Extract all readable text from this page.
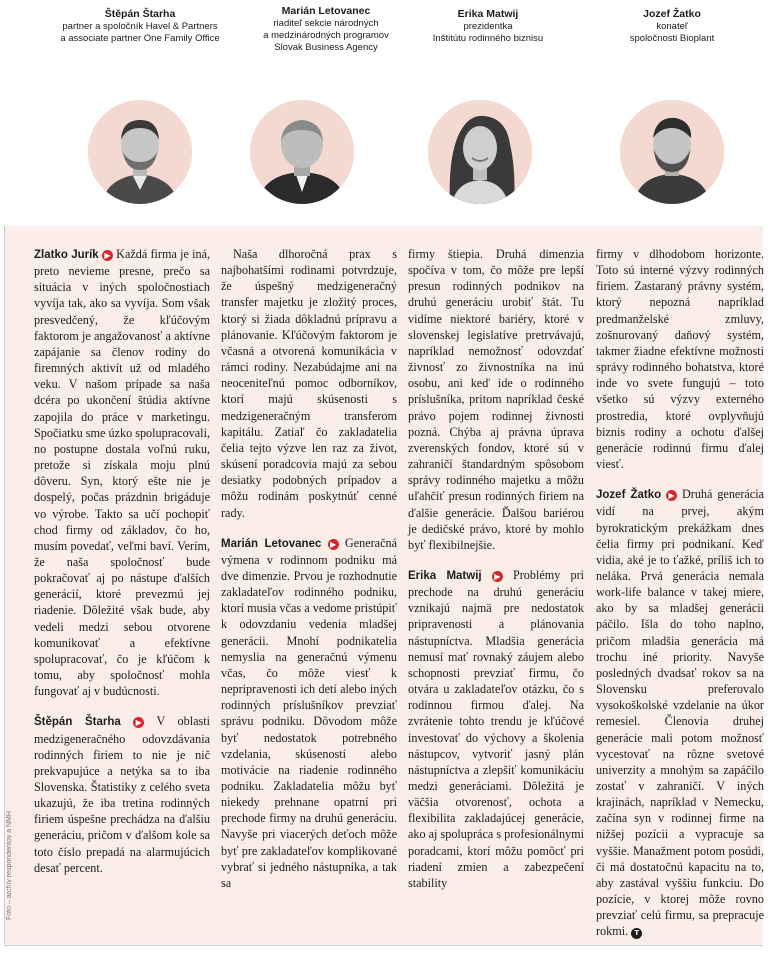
Štěpán Štarha
partner a spoločník Havel & Partners
a associate partner One Family Office
Marián Letovanec
riaditeľ sekcie národných
a medzinárodných programov
Slovak Business Agency
Erika Matwij
prezidentka
Inštitútu rodinného biznisu
Jozef Žatko
konateľ
spoločnosti Bioplant
Foto – archív respondentov a NMH

Zlatko Jurík ▶ Každá firma je iná, preto nevieme presne, prečo sa situácia v iných spoločnostiach vyvíja tak, ako sa vyvíja. Som však presvedčený, že kľúčovým faktorom je angažovanosť a aktívne zapájanie sa členov rodiny do firemných aktivít už od mladého veku. V našom prípade sa naša dcéra po ukončení štúdia aktívne zapojila do práce v marketingu. Spočiatku sme úzko spolupracovali, no postupne dostala voľnú ruku, pretože si získala moju plnú dôveru. Syn, ktorý ešte nie je dospelý, počas prázdnin brigáduje vo výrobe. Takto sa učí pochopiť chod firmy od základov, čo ho, musím povedať, veľmi baví. Verím, že naša spoločnosť bude pokračovať aj po nástupe ďalších generácií, ktoré prevezmú jej riadenie. Dôležité však bude, aby vedeli medzi sebou otvorene komunikovať a efektívne spolupracovať, čo je kľúčom k tomu, aby spoločnosť mohla fungovať aj v budúcnosti.

Štěpán Štarha ▶ V oblasti medzigeneračného odovzdávania rodinných firiem to nie je nič prekvapujúce a netýka sa to iba Slovenska. Štatistiky z celého sveta ukazujú, že iba tretina rodinných firiem úspešne prechádza na ďalšiu generáciu, pričom v ďalšom kole sa toto číslo prepadá na alarmujúcich desať percent.

Naša dlhoročná prax s najbohatšími rodinami potvrdzuje, že úspešný medzigeneračný transfer majetku je zložitý proces, ktorý si žiada dôkladnú prípravu a plánovanie. Kľúčovým faktorom je včasná a otvorená komunikácia v rámci rodiny. Nezabúdajme ani na neoceniteľnú pomoc odborníkov, ktorí majú skúsenosti s medzigeneračným transferom kapitálu. Zatiaľ čo zakladatelia čelia tejto výzve len raz za život, skúsení poradcovia majú za sebou desiatky podobných prípadov a môžu rodinám poskytnúť cenné rady.

Marián Letovanec ▶ Generačná výmena v rodinnom podniku má dve dimenzie. Prvou je rozhodnutie zakladateľov rodinného podniku, ktorí musia včas a vedome pristúpiť k odovzdaniu vedenia mladšej generácii. Mnohí podnikatelia nemyslia na generačnú výmenu včas, čo môže viesť k nepripravenosti ich detí alebo iných rodinných príslušníkov prevziať správu podniku. Dôvodom môže byť nedostatok potrebného vzdelania, skúseností alebo motivácie na riadenie rodinného podniku. Zakladatelia môžu byť niekedy prehnane opatrní pri prechode firmy na druhú generáciu. Navyše pri viacerých deťoch môže byť pre zakladateľov komplikované vybrať si jedného nástupníka, a tak sa

firmy štiepia. Druhá dimenzia spočíva v tom, čo môže pre lepší presun rodinných podnikov na druhú generáciu urobiť štát. Tu vidíme niektoré bariéry, ktoré v slovenskej legislatíve pretrvávajú, napríklad nemožnosť odovzdať živnosť zo živnostníka na inú osobu, ani keď ide o rodinného príslušníka, pritom napríklad české právo pojem rodinnej živnosti pozná. Chýba aj právna úprava zverenských fondov, ktoré sú v zahraničí štandardným spôsobom správy rodinného majetku a môžu uľahčiť presun rodinných firiem na ďalšie generácie. Ďalšou bariérou je dedičské právo, ktoré by mohlo byť flexibilnejšie.

Erika Matwij ▶ Problémy pri prechode na druhú generáciu vznikajú najmä pre nedostatok pripravenosti a plánovania nástupníctva. Mladšia generácia nemusí mať rovnaký záujem alebo schopnosti prevziať firmu, čo otvára u zakladateľov otázku, čo s rodinnou firmou ďalej. Na zvrátenie tohto trendu je kľúčové investovať do výchovy a školenia nástupcov, vytvoriť jasný plán nástupníctva a zlepšiť komunikáciu medzi generáciami. Dôležitá je väčšia otvorenosť, ochota a flexibilita zakladajúcej generácie, ako aj spolupráca s profesionálnymi poradcami, ktorí môžu pomôcť pri riadení zmien a zabezpečení stability

firmy v dlhodobom horizonte. Toto sú interné výzvy rodinných firiem. Zastaraný právny systém, ktorý nepozná napríklad predmanželské zmluvy, zošnurovaný daňový systém, takmer žiadne efektívne možnosti správy rodinného bohatstva, ktoré inde vo svete fungujú – toto všetko sú výzvy externého prostredia, ktoré ovplyvňujú biznis rodiny a ochotu ďalšej generácie rodinnú firmu ďalej viesť.

Jozef Žatko ▶ Druhá generácia vidí na prvej, akým byrokratickým prekážkam dnes čelia firmy pri podnikaní. Keď vidia, aké je to ťažké, príliš ich to neláka. Prvá generácia nemala work-life balance v takej miere, ako by sa mladšej generácii páčilo. Išla do toho naplno, pričom mladšia generácia má trochu iné priority. Navyše posledných dvadsať rokov sa na Slovensku preferovalo vysokoškolské vzdelanie na úkor remesiel. Členovia druhej generácie mali potom možnosť vycestovať na rôzne svetové univerzity a mnohým sa zapáčilo zostať v zahraničí. V iných krajinách, napríklad v Nemecku, začína syn v rodinnej firme na nižšej pozícii a vypracuje sa vyššie. Manažment potom posúdi, či má dostatočnú kapacitu na to, aby zastával vyššiu funkciu. Do pozície, v ktorej môže rovno prevziať celú firmu, sa prepracuje rokmi. T
